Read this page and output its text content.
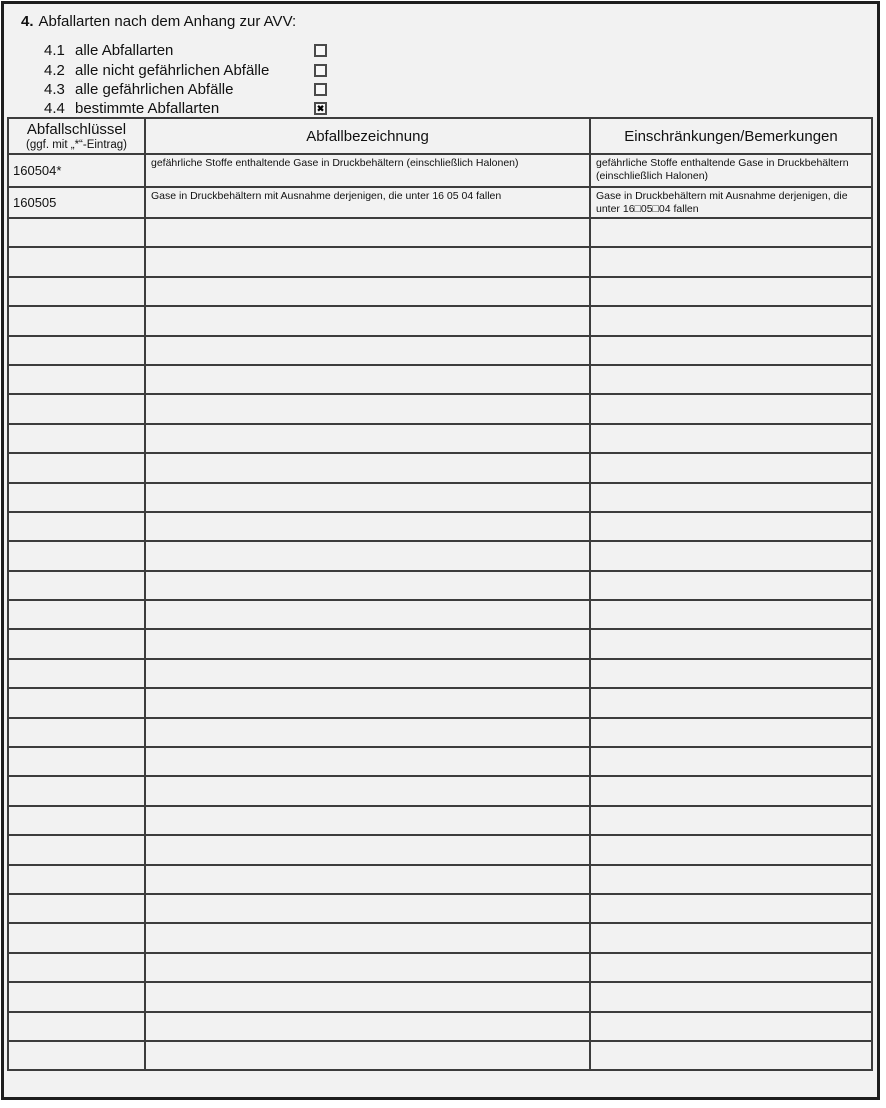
4. Abfallarten nach dem Anhang zur AVV:
4.1 alle Abfallarten
4.2 alle nicht gefährlichen Abfälle
4.3 alle gefährlichen Abfälle
4.4 bestimmte Abfallarten	✖
Abfallschlüssel
(ggf. mit „*“-Eintrag)	Abfallbezeichnung	Einschränkungen/Bemerkungen

160504*	gefährliche Stoffe enthaltende Gase in Druckbehältern (einschließlich Halonen)	gefährliche Stoffe enthaltende Gase in Druckbehältern (einschließlich Halonen)
160505	Gase in Druckbehältern mit Ausnahme derjenigen, die unter 16 05 04 fallen	Gase in Druckbehältern mit Ausnahme derjenigen, die unter 16□05□04 fallen
